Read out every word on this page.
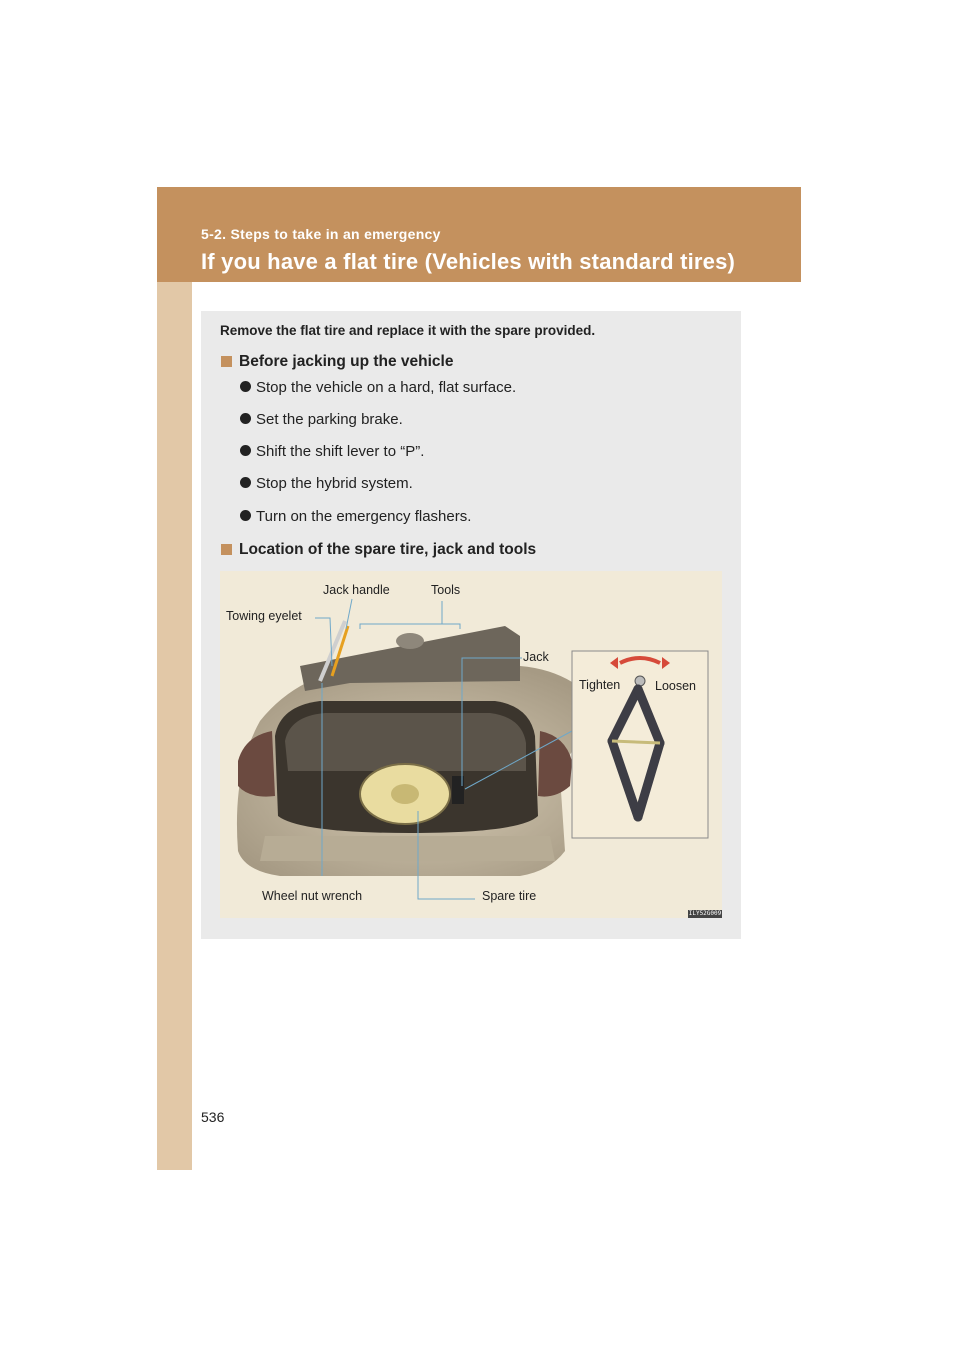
5-2. Steps to take in an emergency
If you have a flat tire (Vehicles with standard tires)
Remove the flat tire and replace it with the spare provided.
Before jacking up the vehicle
Stop the vehicle on a hard, flat surface.
Set the parking brake.
Shift the shift lever to “P”.
Stop the hybrid system.
Turn on the emergency flashers.
Location of the spare tire, jack and tools
Jack handle	Tools
Towing eyelet
Jack
Tighten	Loosen
Wheel nut wrench	Spare tire
ILY52G009
536
